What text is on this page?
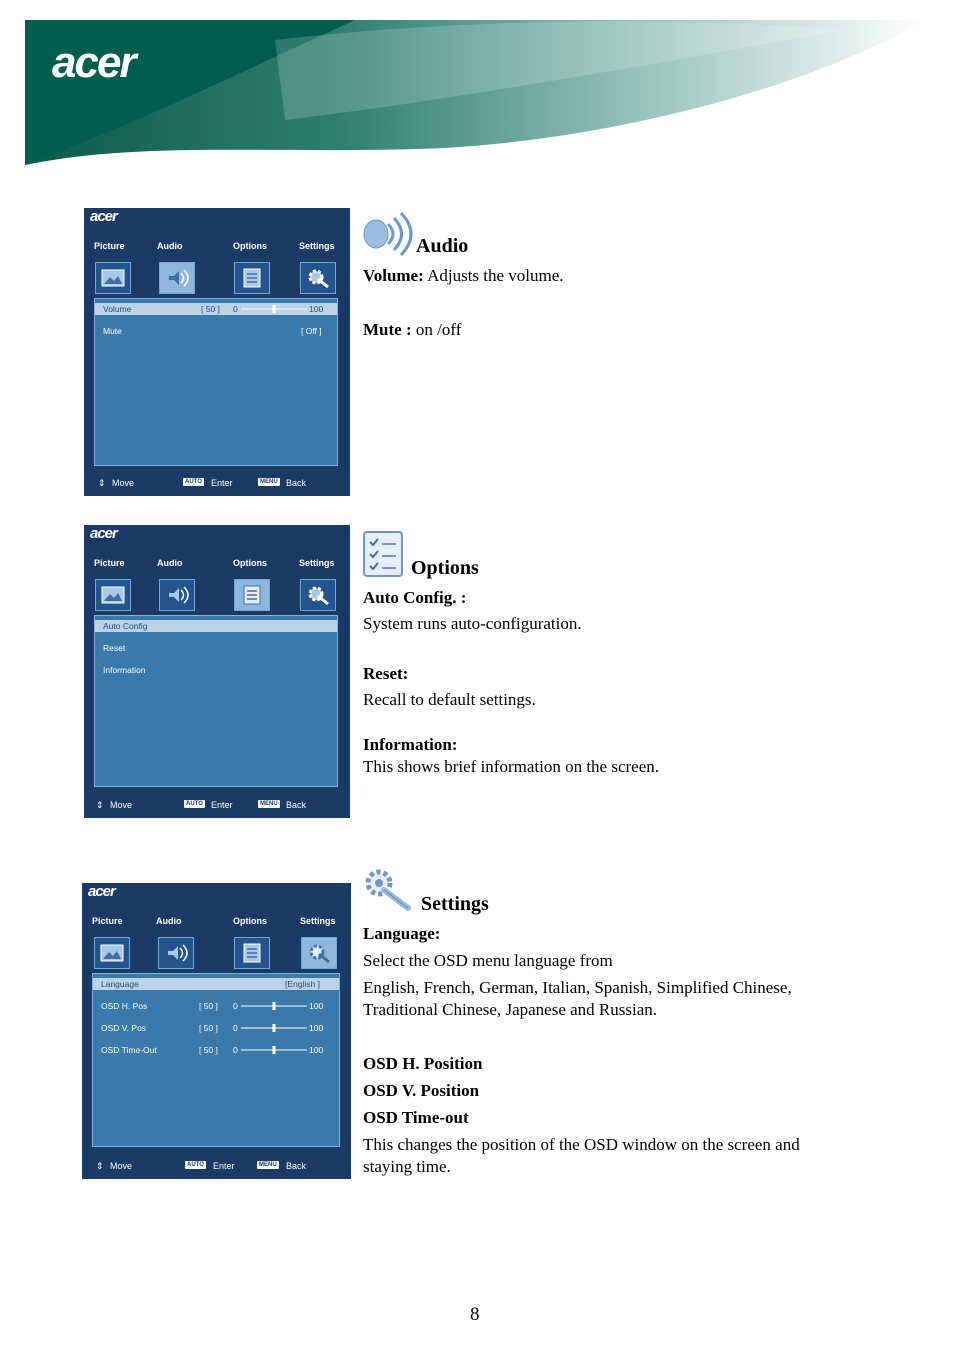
acer
acer
Picture	Audio	Options	Settings
Volume	[ 50 ] 0	100
Mute	[ Off ]
⇕ Move	AUTO Enter	MENU Back
Audio
Volume: Adjusts the volume.
Mute : on /off
acer
Picture	Audio	Options	Settings
Auto Config
Reset
Information
⇕ Move	AUTO Enter	MENU Back
Options
Auto Config. :
System runs auto-configuration.
Reset:
Recall to default settings.
Information:
This shows brief information on the screen.
acer
Picture	Audio	Options	Settings
Language	[English ]
OSD H. Pos	[ 50 ] 0	100
OSD V. Pos	[ 50 ] 0	100
OSD Time-Out	[ 50 ] 0	100
⇕ Move	AUTO Enter	MENU Back
Settings
Language:
Select the OSD menu language from
English, French, German, Italian, Spanish, Simplified Chinese,
Traditional Chinese, Japanese and Russian.
OSD H. Position
OSD V. Position
OSD Time-out
This changes the position of the OSD window on the screen and
staying time.
8
